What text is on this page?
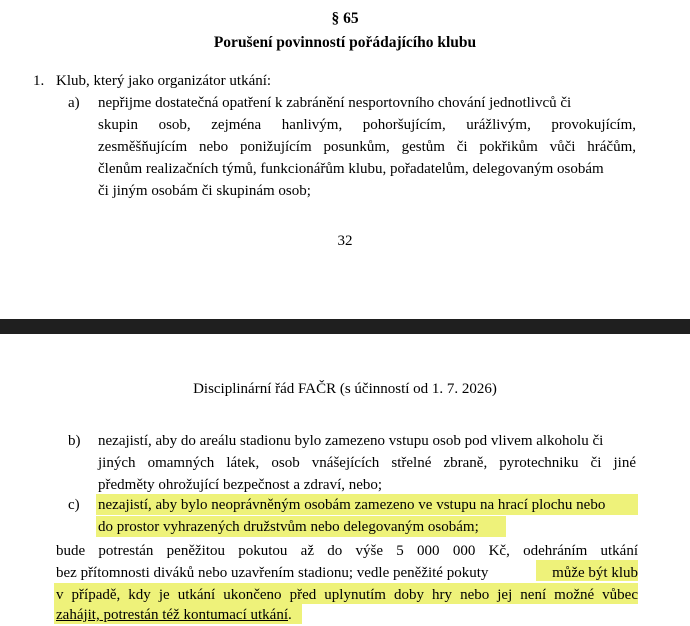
§ 65
Porušení povinností pořádajícího klubu
1. Klub, který jako organizátor utkání:
a) nepřijme dostatečná opatření k zabránění nesportovního chování jednotlivců či
skupin osob, zejména hanlivým, pohoršujícím, urážlivým, provokujícím,
zesměšňujícím nebo ponižujícím posunkům, gestům či pokřikům vůči hráčům,
členům realizačních týmů, funkcionářům klubu, pořadatelům, delegovaným osobám
či jiným osobám či skupinám osob;
32
Disciplinární řád FAČR (s účinností od 1. 7. 2026)
b) nezajistí, aby do areálu stadionu bylo zamezeno vstupu osob pod vlivem alkoholu či
jiných omamných látek, osob vnášejících střelné zbraně, pyrotechniku či jiné
předměty ohrožující bezpečnost a zdraví, nebo;
c) nezajistí, aby bylo neoprávněným osobám zamezeno ve vstupu na hrací plochu nebo
do prostor vyhrazených družstvům nebo delegovaným osobám;
bude potrestán peněžitou pokutou až do výše 5 000 000 Kč, odehráním utkání
bez přítomnosti diváků nebo uzavřením stadionu; vedle peněžité pokuty	může být klub
v případě, kdy je utkání ukončeno před uplynutím doby hry nebo jej není možné vůbec
zahájit, potrestán též kontumací utkání.
